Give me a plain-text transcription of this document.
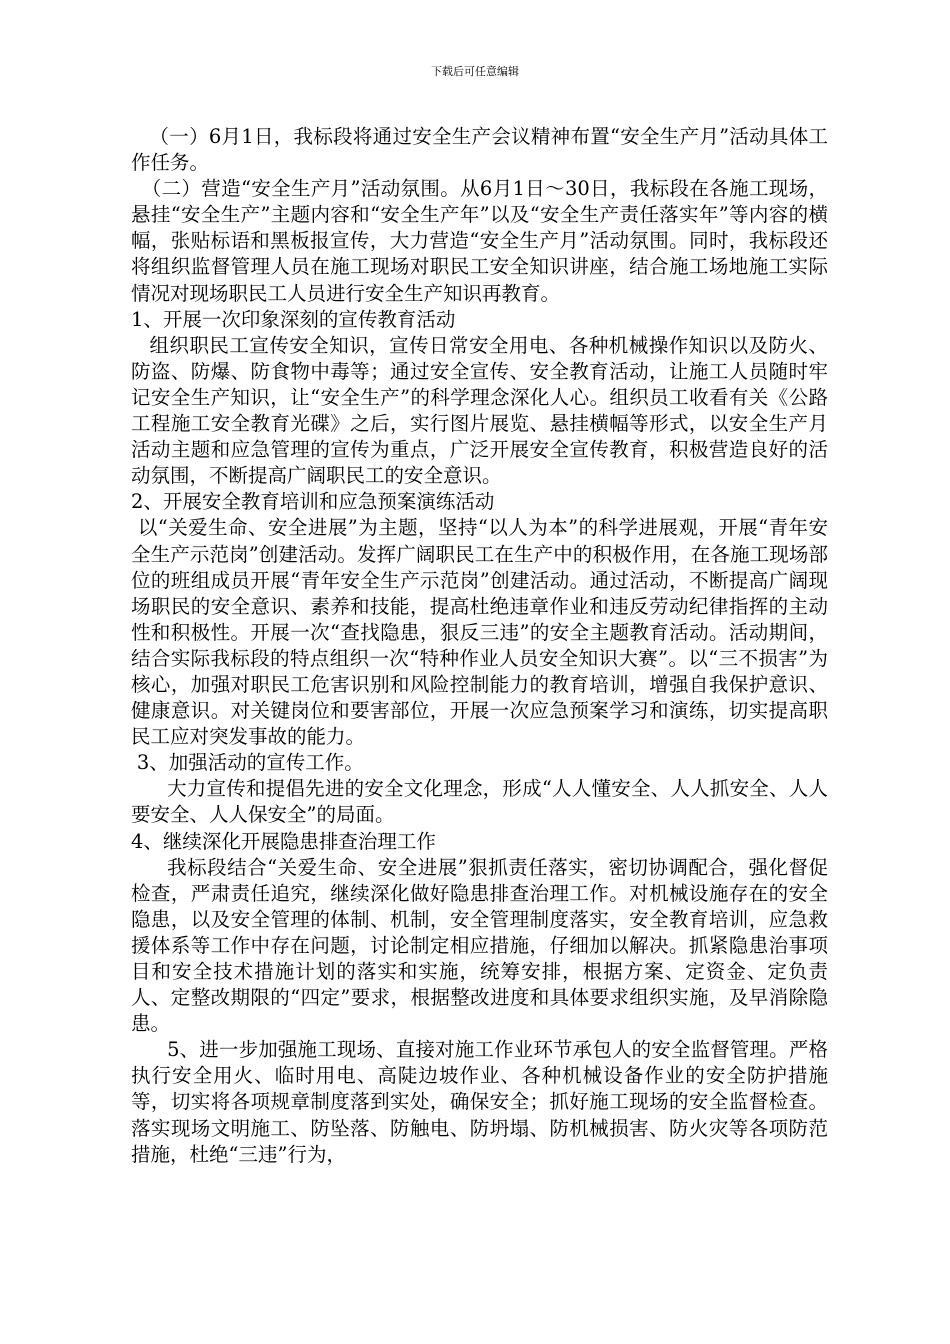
下载后可任意编辑

（一）6月1日，我标段将通过安全生产会议精神布置“安全生产月”活动具体工作任务。

（二）营造“安全生产月”活动氛围。从6月1日～30日，我标段在各施工现场，悬挂“安全生产”主题内容和“安全生产年”以及“安全生产责任落实年”等内容的横幅，张贴标语和黑板报宣传，大力营造“安全生产月”活动氛围。同时，我标段还将组织监督管理人员在施工现场对职民工安全知识讲座，结合施工场地施工实际情况对现场职民工人员进行安全生产知识再教育。

1、开展一次印象深刻的宣传教育活动

组织职民工宣传安全知识，宣传日常安全用电、各种机械操作知识以及防火、防盗、防爆、防食物中毒等；通过安全宣传、安全教育活动，让施工人员随时牢记安全生产知识，让“安全生产”的科学理念深化人心。组织员工收看有关《公路工程施工安全教育光碟》之后，实行图片展览、悬挂横幅等形式，以安全生产月活动主题和应急管理的宣传为重点，广泛开展安全宣传教育，积极营造良好的活动氛围，不断提高广阔职民工的安全意识。

2、开展安全教育培训和应急预案演练活动

以“关爱生命、安全进展”为主题，坚持“以人为本”的科学进展观，开展“青年安全生产示范岗”创建活动。发挥广阔职民工在生产中的积极作用，在各施工现场部位的班组成员开展“青年安全生产示范岗”创建活动。通过活动，不断提高广阔现场职民的安全意识、素养和技能，提高杜绝违章作业和违反劳动纪律指挥的主动性和积极性。开展一次“查找隐患，狠反三违”的安全主题教育活动。活动期间，结合实际我标段的特点组织一次“特种作业人员安全知识大赛”。以“三不损害”为核心，加强对职民工危害识别和风险控制能力的教育培训，增强自我保护意识、健康意识。对关键岗位和要害部位，开展一次应急预案学习和演练，切实提高职民工应对突发事故的能力。

3、加强活动的宣传工作。

大力宣传和提倡先进的安全文化理念，形成“人人懂安全、人人抓安全、人人要安全、人人保安全”的局面。

4、继续深化开展隐患排查治理工作

我标段结合“关爱生命、安全进展”狠抓责任落实，密切协调配合，强化督促检查，严肃责任追究，继续深化做好隐患排查治理工作。对机械设施存在的安全隐患，以及安全管理的体制、机制，安全管理制度落实，安全教育培训，应急救援体系等工作中存在问题，讨论制定相应措施，仔细加以解决。抓紧隐患治事项目和安全技术措施计划的落实和实施，统筹安排，根据方案、定资金、定负责人、定整改期限的“四定”要求，根据整改进度和具体要求组织实施，及早消除隐患。

5、进一步加强施工现场、直接对施工作业环节承包人的安全监督管理。严格执行安全用火、临时用电、高陡边坡作业、各种机械设备作业的安全防护措施等，切实将各项规章制度落到实处，确保安全；抓好施工现场的安全监督检查。落实现场文明施工、防坠落、防触电、防坍塌、防机械损害、防火灾等各项防范措施，杜绝“三违”行为，
